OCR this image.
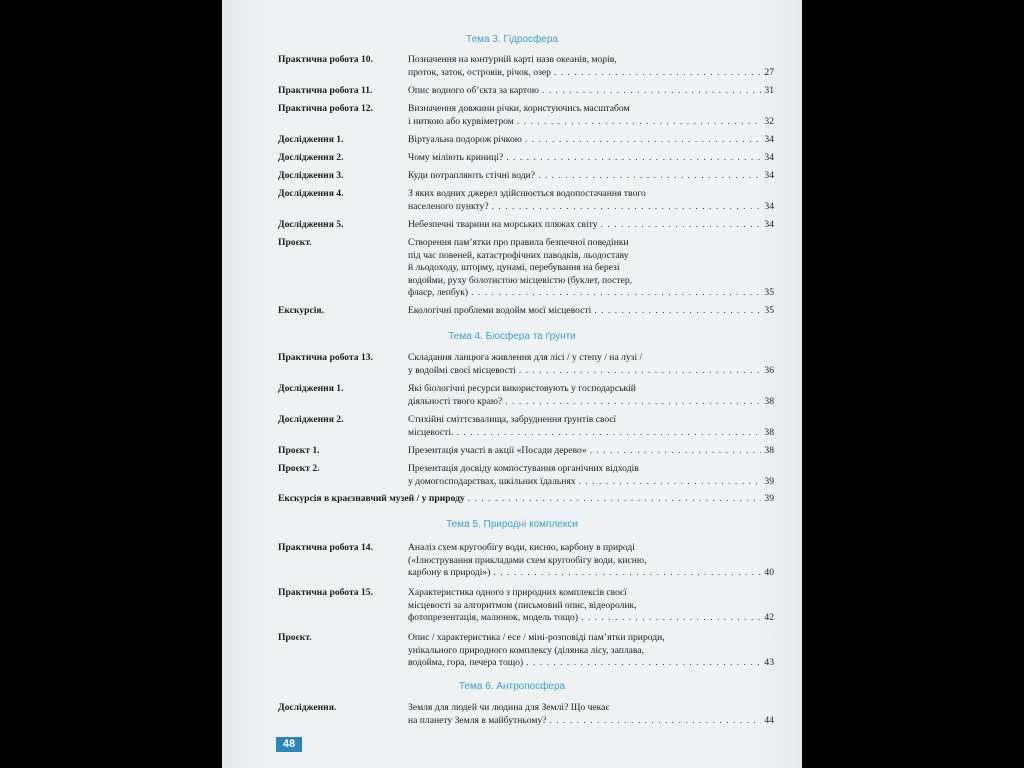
Тема 3. Гідросфера
Практична робота 10.	Позначення на контурній карті назв океанів, морів,
проток, заток, островів, річок, озер . . .	27
Практична робота 11.	Опис водного об’єкта за картою . . .	31
Практична робота 12.	Визначення довжини річки, користуючись масштабом
і ниткою або курвіметром . . .	32
Дослідження 1.	Віртуальна подорож річкою . . .	34
Дослідження 2.	Чому міліють криниці? . . .	34
Дослідження 3.	Куди потрапляють стічні води? . . .	34
Дослідження 4.	З яких водних джерел здійснюється водопостачання твого
населеного пункту? . . .	34
Дослідження 5.	Небезпечні тварини на морських пляжах світу . . .	34
Проєкт.	Створення пам’ятки про правила безпечної поведінки
під час повеней, катастрофічних паводків, льодоставу
й льодоходу, шторму, цунамі, перебування на березі
водойми, руху болотистою місцевістю (буклет, постер,
флаєр, лепбук) . . .	35
Екскурсія.	Екологічні проблеми водойм моєї місцевості . . .	35
Тема 4. Біосфера та ґрунти
Практична робота 13.	Складання ланцюга живлення для лісі / у степу / на лузі /
у водоймі своєї місцевості . . .	36
Дослідження 1.	Які біологічні ресурси використовують у господарській
діяльності твого краю? . . .	38
Дослідження 2.	Стихійні сміттєзвалища, забруднення ґрунтів своєї
місцевості. . . .	38
Проєкт 1.	Презентація участі в акції «Посади дерево» . . .	38
Проєкт 2.	Презентація досвіду компостування органічних відходів
у домогосподарствах, шкільних їдальнях . . .	39
Екскурсія в краєзнавчий музей / у природу . . .	39
Тема 5. Природні комплекси
Практична робота 14.	Аналіз схем кругообігу води, кисню, карбону в природі
(«Ілюстрування прикладами схем кругообігу води, кисню,
карбону в природі») . . .	40
Практична робота 15.	Характеристика одного з природних комплексів своєї
місцевості за алгоритмом (письмовий опис, відеоролик,
фотопрезентація, малюнок, модель тощо) . . .	42
Проєкт.	Опис / характеристика / есе / міні-розповіді пам’ятки природи,
унікального природного комплексу (ділянка лісу, заплава,
водойма, гора, печера тощо) . . .	43
Тема 6. Антропосфера
Дослідження.	Земля для людей чи людина для Землі? Що чекає
на планету Земля в майбутньому? . . .	44
48
